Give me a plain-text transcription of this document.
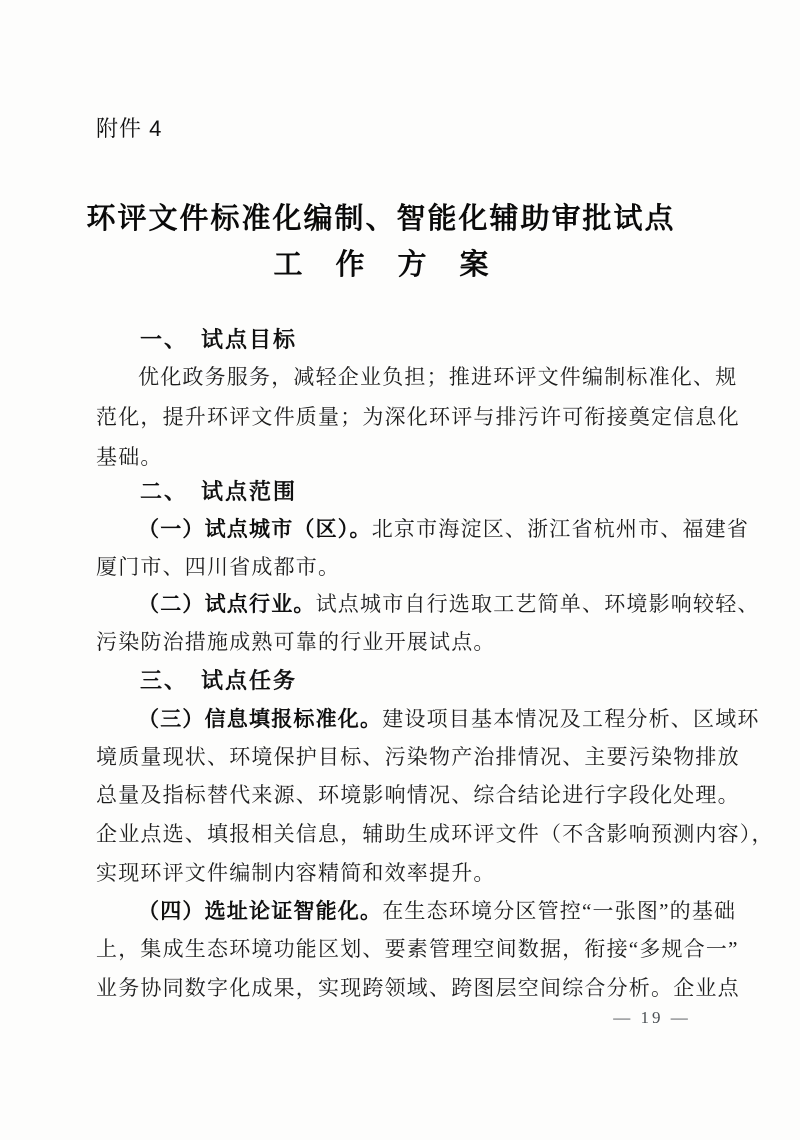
附件 4
环评文件标准化编制、智能化辅助审批试点
工 作 方 案
一、　试点目标
优化政务服务，减轻企业负担；推进环评文件编制标准化、规
范化，提升环评文件质量；为深化环评与排污许可衔接奠定信息化
基础。
二、　试点范围
（一）试点城市（区）。北京市海淀区、浙江省杭州市、福建省
厦门市、四川省成都市。
（二）试点行业。试点城市自行选取工艺简单、环境影响较轻、
污染防治措施成熟可靠的行业开展试点。
三、　试点任务
（三）信息填报标准化。建设项目基本情况及工程分析、区域环
境质量现状、环境保护目标、污染物产治排情况、主要污染物排放
总量及指标替代来源、环境影响情况、综合结论进行字段化处理。
企业点选、填报相关信息，辅助生成环评文件（不含影响预测内容），
实现环评文件编制内容精简和效率提升。
（四）选址论证智能化。在生态环境分区管控“一张图”的基础
上，集成生态环境功能区划、要素管理空间数据，衔接“多规合一”
业务协同数字化成果，实现跨领域、跨图层空间综合分析。企业点
— 19 —
